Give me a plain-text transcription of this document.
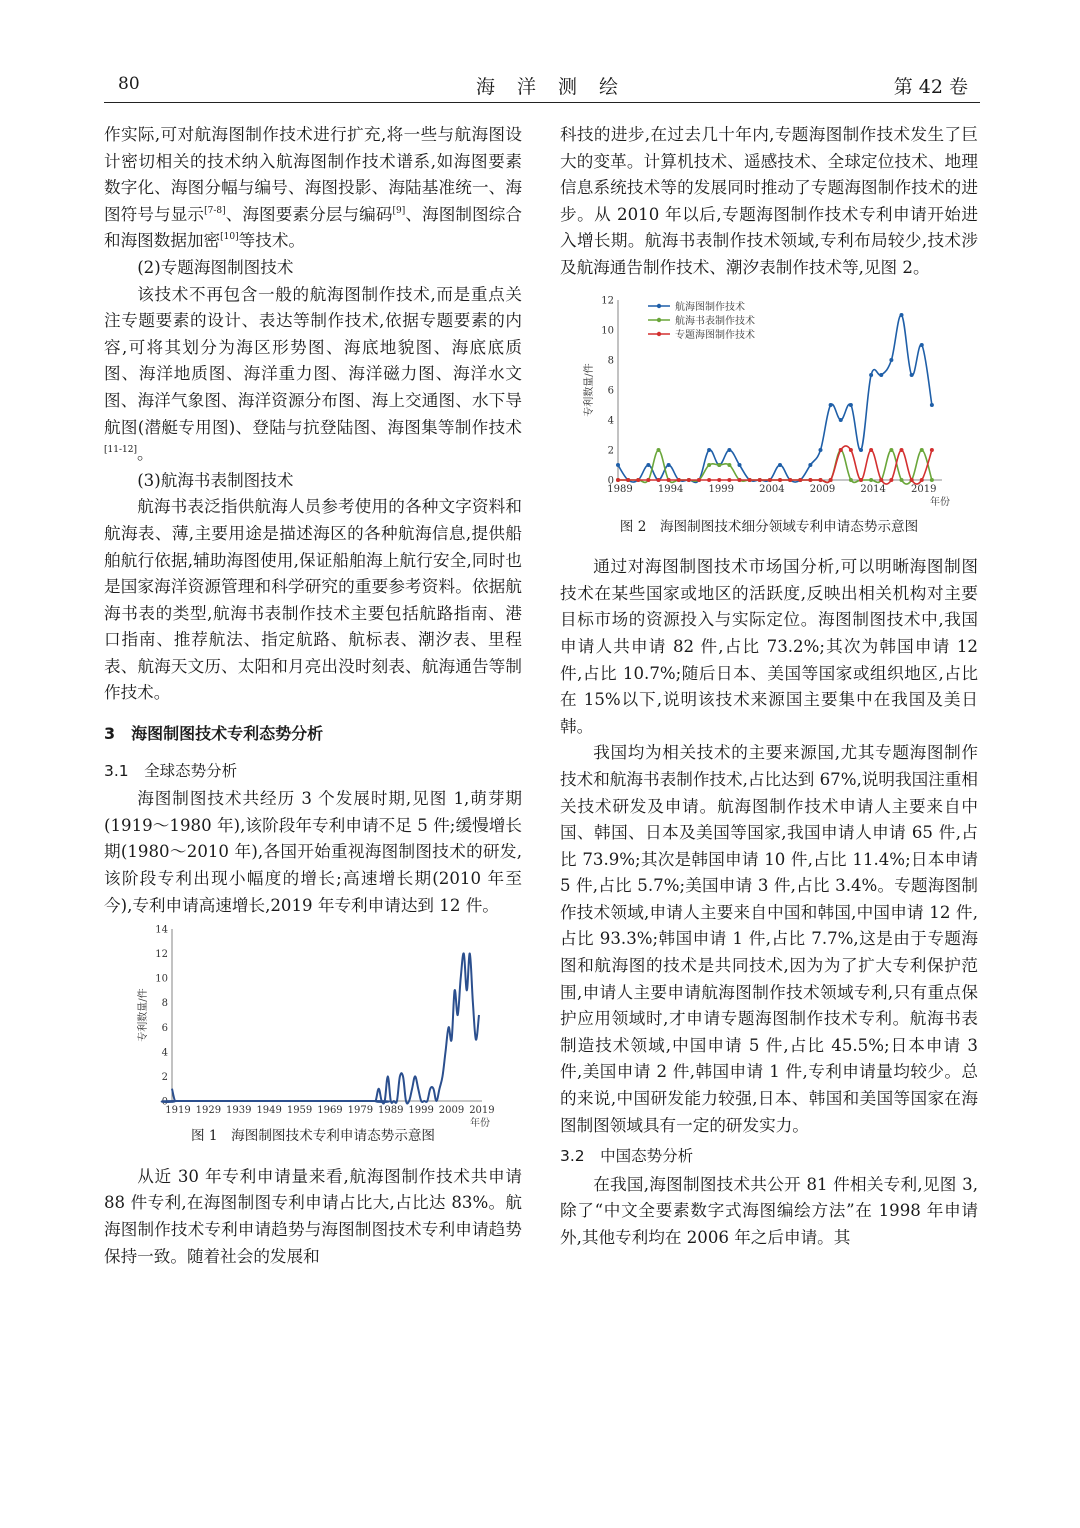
80	海洋测绘	第 42 卷

作实际,可对航海图制作技术进行扩充,将一些与航海图设计密切相关的技术纳入航海图制作技术谱系,如海图要素数字化、海图分幅与编号、海图投影、海陆基准统一、海图符号与显示[7-8]、海图要素分层与编码[9]、海图制图综合和海图数据加密[10]等技术。

(2)专题海图制图技术

该技术不再包含一般的航海图制作技术,而是重点关注专题要素的设计、表达等制作技术,依据专题要素的内容,可将其划分为海区形势图、海底地貌图、海底底质图、海洋地质图、海洋重力图、海洋磁力图、海洋水文图、海洋气象图、海洋资源分布图、海上交通图、水下导航图(潜艇专用图)、登陆与抗登陆图、海图集等制作技术[11-12]。

(3)航海书表制图技术

航海书表泛指供航海人员参考使用的各种文字资料和航海表、薄,主要用途是描述海区的各种航海信息,提供船舶航行依据,辅助海图使用,保证船舶海上航行安全,同时也是国家海洋资源管理和科学研究的重要参考资料。依据航海书表的类型,航海书表制作技术主要包括航路指南、港口指南、推荐航法、指定航路、航标表、潮汐表、里程表、航海天文历、太阳和月亮出没时刻表、航海通告等制作技术。

3　海图制图技术专利态势分析
3.1　全球态势分析

海图制图技术共经历 3 个发展时期,见图 1,萌芽期(1919～1980 年),该阶段年专利申请不足 5 件;缓慢增长期(1980～2010 年),各国开始重视海图制图技术的研发,该阶段专利出现小幅度的增长;高速增长期(2010 年至今),专利申请高速增长,2019 年专利申请达到 12 件。

0
2
4
6
8
10
12
14
1919 1929 1939 1949 1959 1969 1979 1989 1999 2009 2019
年份
专利数量/件
图 1　海图制图技术专利申请态势示意图

从近 30 年专利申请量来看,航海图制作技术共申请 88 件专利,在海图制图专利申请占比大,占比达 83%。航海图制作技术专利申请趋势与海图制图技术专利申请趋势保持一致。随着社会的发展和

科技的进步,在过去几十年内,专题海图制作技术发生了巨大的变革。计算机技术、遥感技术、全球定位技术、地理信息系统技术等的发展同时推动了专题海图制作技术的进步。从 2010 年以后,专题海图制作技术专利申请开始进入增长期。航海书表制作技术领域,专利布局较少,技术涉及航海通告制作技术、潮汐表制作技术等,见图 2。

0
2
4
6
8
10
12
1989	1994	1999	2004	2009	2014	2019
年份
专利数量/件
航海图制作技术
航海书表制作技术
专题海图制作技术
图 2　海图制图技术细分领域专利申请态势示意图

通过对海图制图技术市场国分析,可以明晰海图制图技术在某些国家或地区的活跃度,反映出相关机构对主要目标市场的资源投入与实际定位。海图制图技术中,我国申请人共申请 82 件,占比 73.2%;其次为韩国申请 12 件,占比 10.7%;随后日本、美国等国家或组织地区,占比在 15%以下,说明该技术来源国主要集中在我国及美日韩。

我国均为相关技术的主要来源国,尤其专题海图制作技术和航海书表制作技术,占比达到 67%,说明我国注重相关技术研发及申请。航海图制作技术申请人主要来自中国、韩国、日本及美国等国家,我国申请人申请 65 件,占比 73.9%;其次是韩国申请 10 件,占比 11.4%;日本申请 5 件,占比 5.7%;美国申请 3 件,占比 3.4%。专题海图制作技术领域,申请人主要来自中国和韩国,中国申请 12 件,占比 93.3%;韩国申请 1 件,占比 7.7%,这是由于专题海图和航海图的技术是共同技术,因为为了扩大专利保护范围,申请人主要申请航海图制作技术领域专利,只有重点保护应用领域时,才申请专题海图制作技术专利。航海书表制造技术领域,中国申请 5 件,占比 45.5%;日本申请 3 件,美国申请 2 件,韩国申请 1 件,专利申请量均较少。总的来说,中国研发能力较强,日本、韩国和美国等国家在海图制图领域具有一定的研发实力。

3.2　中国态势分析

在我国,海图制图技术共公开 81 件相关专利,见图 3,除了“中文全要素数字式海图编绘方法”在 1998 年申请外,其他专利均在 2006 年之后申请。其
